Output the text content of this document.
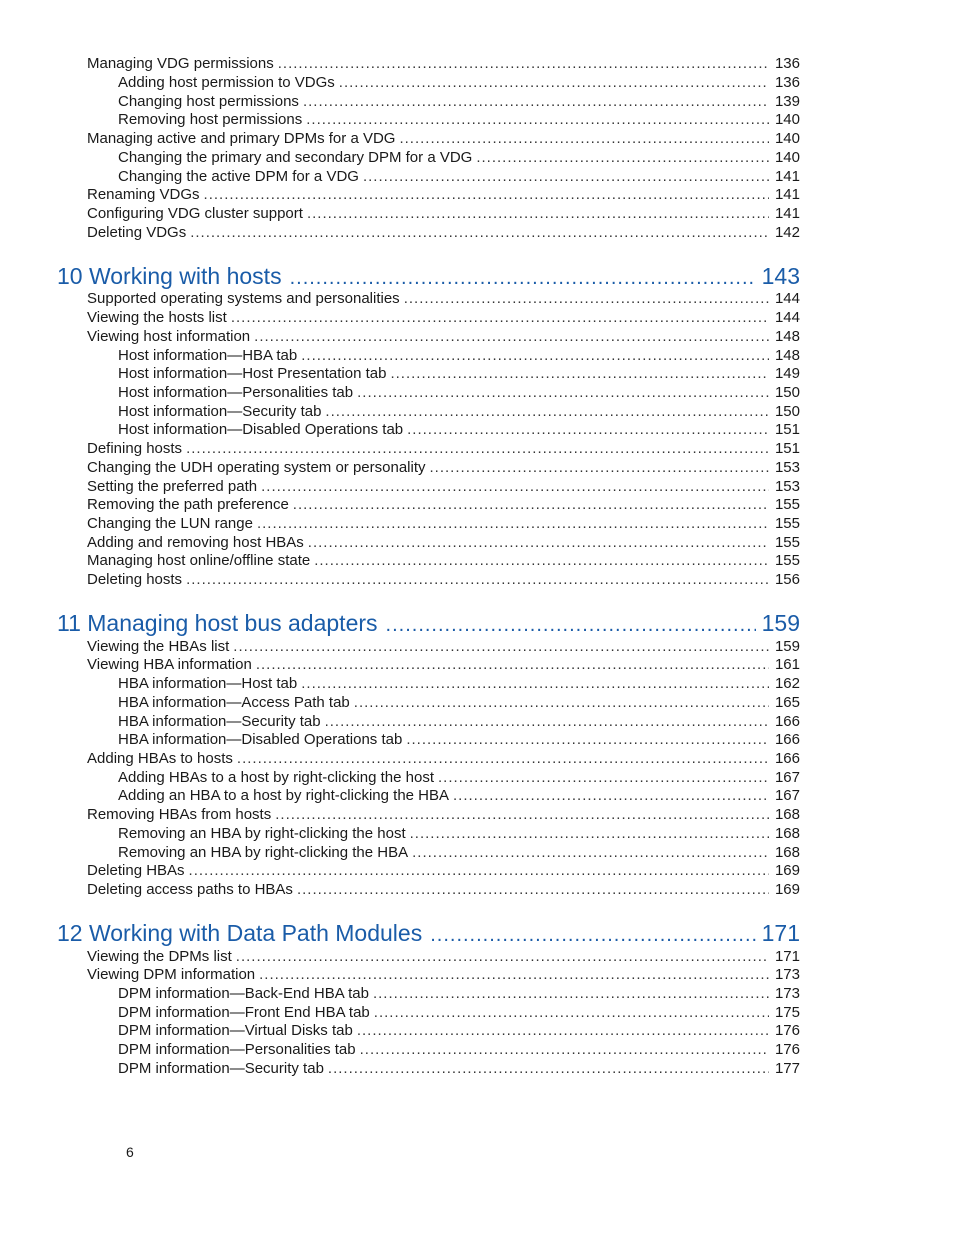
Managing VDG permissions .....	136
Adding host permission to VDGs .....	136
Changing host permissions .....	139
Removing host permissions .....	140
Managing active and primary DPMs for a VDG .....	140
Changing the primary and secondary DPM for a VDG .....	140
Changing the active DPM for a VDG .....	141
Renaming VDGs .....	141
Configuring VDG cluster support .....	141
Deleting VDGs .....	142
10 Working with hosts .....	143
Supported operating systems and personalities .....	144
Viewing the hosts list .....	144
Viewing host information .....	148
Host information—HBA tab .....	148
Host information—Host Presentation tab .....	149
Host information—Personalities tab .....	150
Host information—Security tab .....	150
Host information—Disabled Operations tab .....	151
Defining hosts .....	151
Changing the UDH operating system or personality .....	153
Setting the preferred path .....	153
Removing the path preference .....	155
Changing the LUN range .....	155
Adding and removing host HBAs .....	155
Managing host online/offline state .....	155
Deleting hosts .....	156
11 Managing host bus adapters .....	159
Viewing the HBAs list .....	159
Viewing HBA information .....	161
HBA information—Host tab .....	162
HBA information—Access Path tab .....	165
HBA information—Security tab .....	166
HBA information—Disabled Operations tab .....	166
Adding HBAs to hosts .....	166
Adding HBAs to a host by right-clicking the host .....	167
Adding an HBA to a host by right-clicking the HBA .....	167
Removing HBAs from hosts .....	168
Removing an HBA by right-clicking the host .....	168
Removing an HBA by right-clicking the HBA .....	168
Deleting HBAs .....	169
Deleting access paths to HBAs .....	169
12 Working with Data Path Modules .....	171
Viewing the DPMs list .....	171
Viewing DPM information .....	173
DPM information—Back-End HBA tab .....	173
DPM information—Front End HBA tab .....	175
DPM information—Virtual Disks tab .....	176
DPM information—Personalities tab .....	176
DPM information—Security tab .....	177
6
